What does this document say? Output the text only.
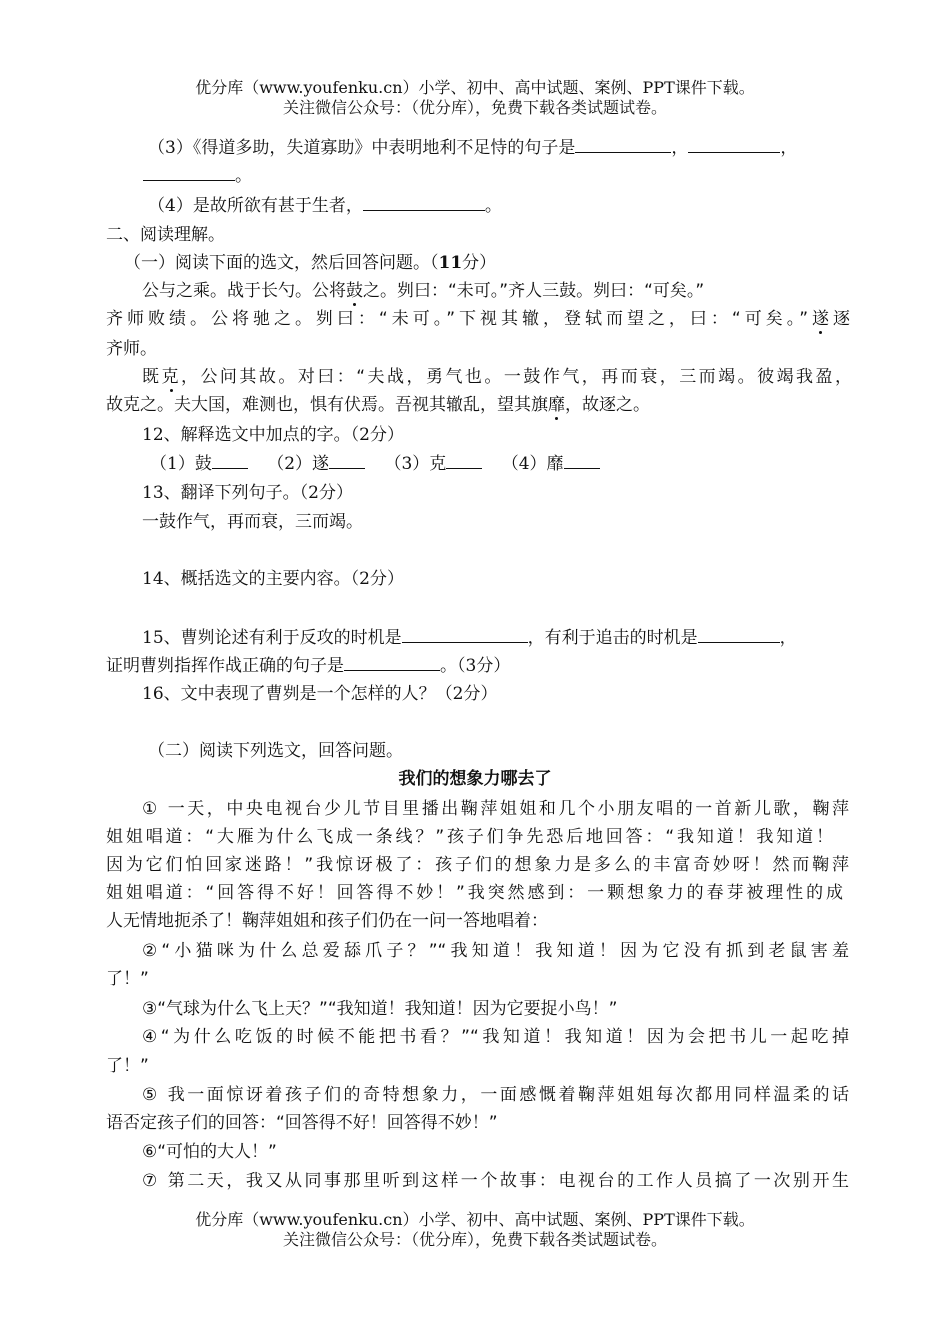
优分库（www.youfenku.cn）小学、初中、高中试题、案例、PPT课件下载。
关注微信公众号：（优分库），免费下载各类试题试卷。
（3）《得道多助，失道寡助》中表明地利不足恃的句子是	，	，
。
（4）是故所欲有甚于生者，	。
二、阅读理解。
（一）阅读下面的选文，然后回答问题。（11分）
公与之乘。战于长勺。公将鼓之。刿曰：“未可。”齐人三鼓。刿曰：“可矣。”
齐师败绩。公将驰之。刿曰：“未可。”下视其辙，登轼而望之，曰：“可矣。”遂逐
齐师。
既克，公问其故。对曰：“夫战，勇气也。一鼓作气，再而衰，三而竭。彼竭我盈，
故克之。夫大国，难测也，惧有伏焉。吾视其辙乱，望其旗靡，故逐之。
12、解释选文中加点的字。（2分）
（1）鼓	（2）遂	（3）克	（4）靡
13、翻译下列句子。（2分）
一鼓作气，再而衰，三而竭。
14、概括选文的主要内容。（2分）
15、曹刿论述有利于反攻的时机是	，有利于追击的时机是	，
证明曹刿指挥作战正确的句子是	。（3分）
16、文中表现了曹刿是一个怎样的人？（2分）
（二）阅读下列选文，回答问题。
我们的想象力哪去了
① 一天，中央电视台少儿节目里播出鞠萍姐姐和几个小朋友唱的一首新儿歌，鞠萍
姐姐唱道：“大雁为什么飞成一条线？”孩子们争先恐后地回答：“我知道！我知道！
因为它们怕回家迷路！”我惊讶极了：孩子们的想象力是多么的丰富奇妙呀！然而鞠萍
姐姐唱道：“回答得不好！回答得不妙！”我突然感到：一颗想象力的春芽被理性的成
人无情地扼杀了！鞠萍姐姐和孩子们仍在一问一答地唱着：
②“小猫咪为什么总爱舔爪子？”“我知道！我知道！因为它没有抓到老鼠害羞
了！”
③“气球为什么飞上天？”“我知道！我知道！因为它要捉小鸟！”
④“为什么吃饭的时候不能把书看？”“我知道！我知道！因为会把书儿一起吃掉
了！”
⑤ 我一面惊讶着孩子们的奇特想象力，一面感慨着鞠萍姐姐每次都用同样温柔的话
语否定孩子们的回答：“回答得不好！回答得不妙！”
⑥“可怕的大人！”
⑦ 第二天，我又从同事那里听到这样一个故事：电视台的工作人员搞了一次别开生
优分库（www.youfenku.cn）小学、初中、高中试题、案例、PPT课件下载。
关注微信公众号：（优分库），免费下载各类试题试卷。
